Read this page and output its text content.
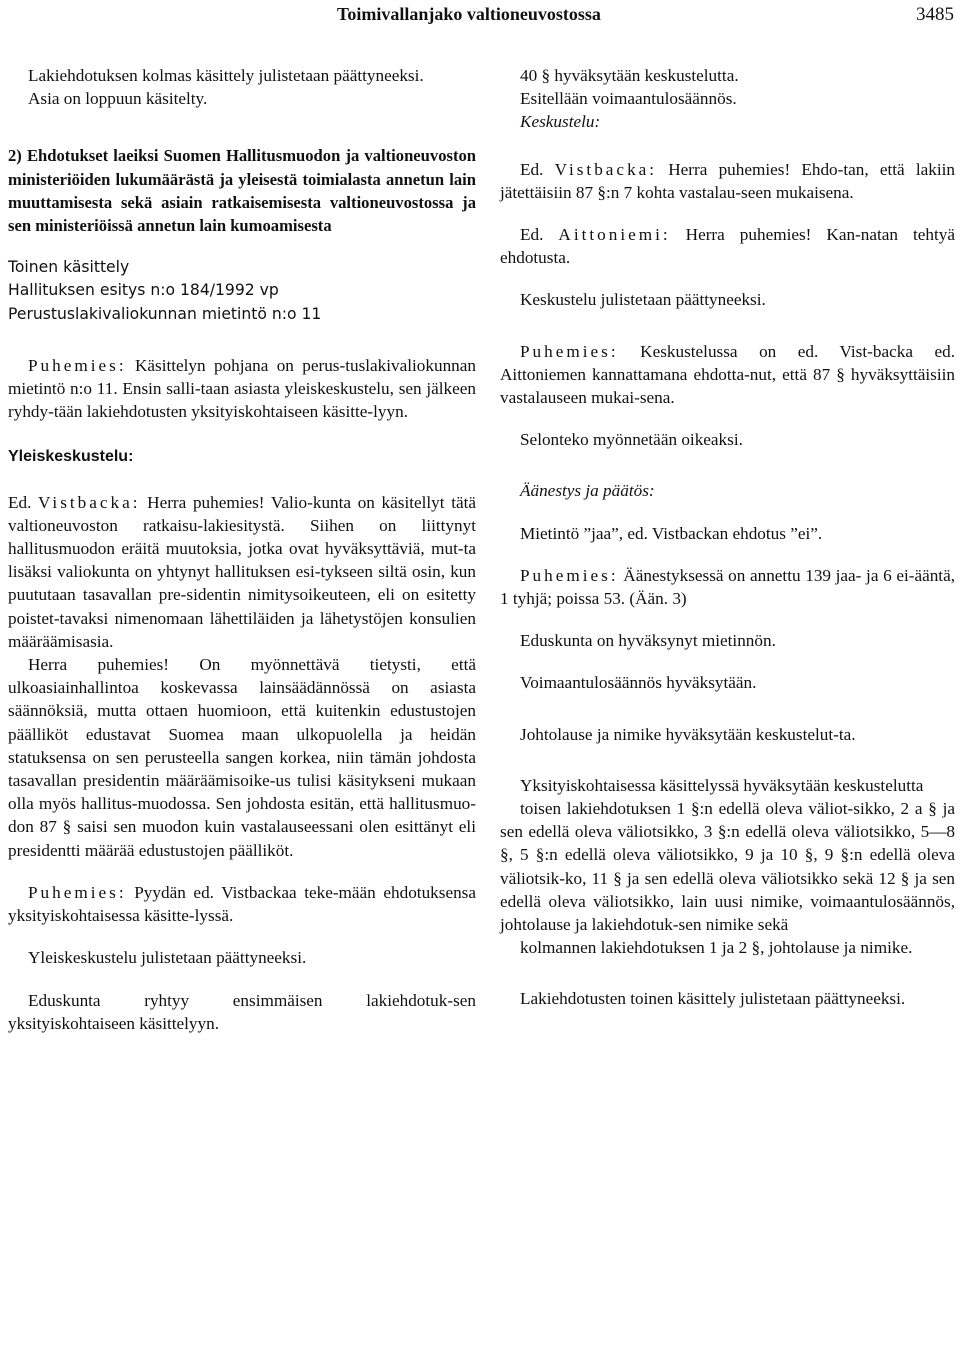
Toimivallanjako valtioneuvostossa	3485

Lakiehdotuksen kolmas käsittely julistetaan päättyneeksi.

Asia on loppuun käsitelty.

2) Ehdotukset laeiksi Suomen Hallitusmuodon ja valtioneuvoston ministeriöiden lukumäärästä ja yleisestä toimialasta annetun lain muuttamisesta sekä asiain ratkaisemisesta valtioneuvostossa ja sen ministeriöissä annetun lain kumoamisesta

Toinen käsittely

Hallituksen esitys n:o 184/1992 vp

Perustuslakivaliokunnan mietintö n:o 11

Puhemies: Käsittelyn pohjana on perus-tuslakivaliokunnan mietintö n:o 11. Ensin salli-taan asiasta yleiskeskustelu, sen jälkeen ryhdy-tään lakiehdotusten yksityiskohtaiseen käsitte-lyyn.

Yleiskeskustelu:

Ed. Vistbacka: Herra puhemies! Valio-kunta on käsitellyt tätä valtioneuvoston ratkaisu-lakiesitystä. Siihen on liittynyt hallitusmuodon eräitä muutoksia, jotka ovat hyväksyttäviä, mut-ta lisäksi valiokunta on yhtynyt hallituksen esi-tykseen siltä osin, kun puututaan tasavallan pre-sidentin nimitysoikeuteen, eli on esitetty poistet-tavaksi nimenomaan lähettiläiden ja lähetystöjen konsulien määräämisasia.

Herra puhemies! On myönnettävä tietysti, että ulkoasiainhallintoa koskevassa lainsäädännössä on asiasta säännöksiä, mutta ottaen huomioon, että kuitenkin edustustojen päälliköt edustavat Suomea maan ulkopuolella ja heidän statuksensa on sen perusteella sangen korkea, niin tämän johdosta tasavallan presidentin määräämisoike-us tulisi käsitykseni mukaan olla myös hallitus-muodossa. Sen johdosta esitän, että hallitusmuo-don 87 § saisi sen muodon kuin vastalauseessani olen esittänyt eli presidentti määrää edustustojen päälliköt.

Puhemies: Pyydän ed. Vistbackaa teke-mään ehdotuksensa yksityiskohtaisessa käsitte-lyssä.

Yleiskeskustelu julistetaan päättyneeksi.

Eduskunta ryhtyy ensimmäisen lakiehdotuk-sen yksityiskohtaiseen käsittelyyn.

40 § hyväksytään keskustelutta.

Esitellään voimaantulosäännös.

Keskustelu:

Ed. Vistbacka: Herra puhemies! Ehdo-tan, että lakiin jätettäisiin 87 §:n 7 kohta vastalau-seen mukaisena.

Ed. Aittoniemi: Herra puhemies! Kan-natan tehtyä ehdotusta.

Keskustelu julistetaan päättyneeksi.

Puhemies: Keskustelussa on ed. Vist-backa ed. Aittoniemen kannattamana ehdotta-nut, että 87 § hyväksyttäisiin vastalauseen mukai-sena.

Selonteko myönnetään oikeaksi.

Äänestys ja päätös:

Mietintö ”jaa”, ed. Vistbackan ehdotus ”ei”.

Puhemies: Äänestyksessä on annettu 139 jaa- ja 6 ei-ääntä, 1 tyhjä; poissa 53. (Ään. 3)

Eduskunta on hyväksynyt mietinnön.

Voimaantulosäännös hyväksytään.

Johtolause ja nimike hyväksytään keskustelut-ta.

Yksityiskohtaisessa käsittelyssä hyväksytään keskustelutta

toisen lakiehdotuksen 1 §:n edellä oleva väliot-sikko, 2 a § ja sen edellä oleva väliotsikko, 3 §:n edellä oleva väliotsikko, 5—8 §, 5 §:n edellä oleva väliotsikko, 9 ja 10 §, 9 §:n edellä oleva väliotsik-ko, 11 § ja sen edellä oleva väliotsikko sekä 12 § ja sen edellä oleva väliotsikko, lain uusi nimike, voimaantulosäännös, johtolause ja lakiehdotuk-sen nimike sekä

kolmannen lakiehdotuksen 1 ja 2 §, johtolause ja nimike.

Lakiehdotusten toinen käsittely julistetaan päättyneeksi.
